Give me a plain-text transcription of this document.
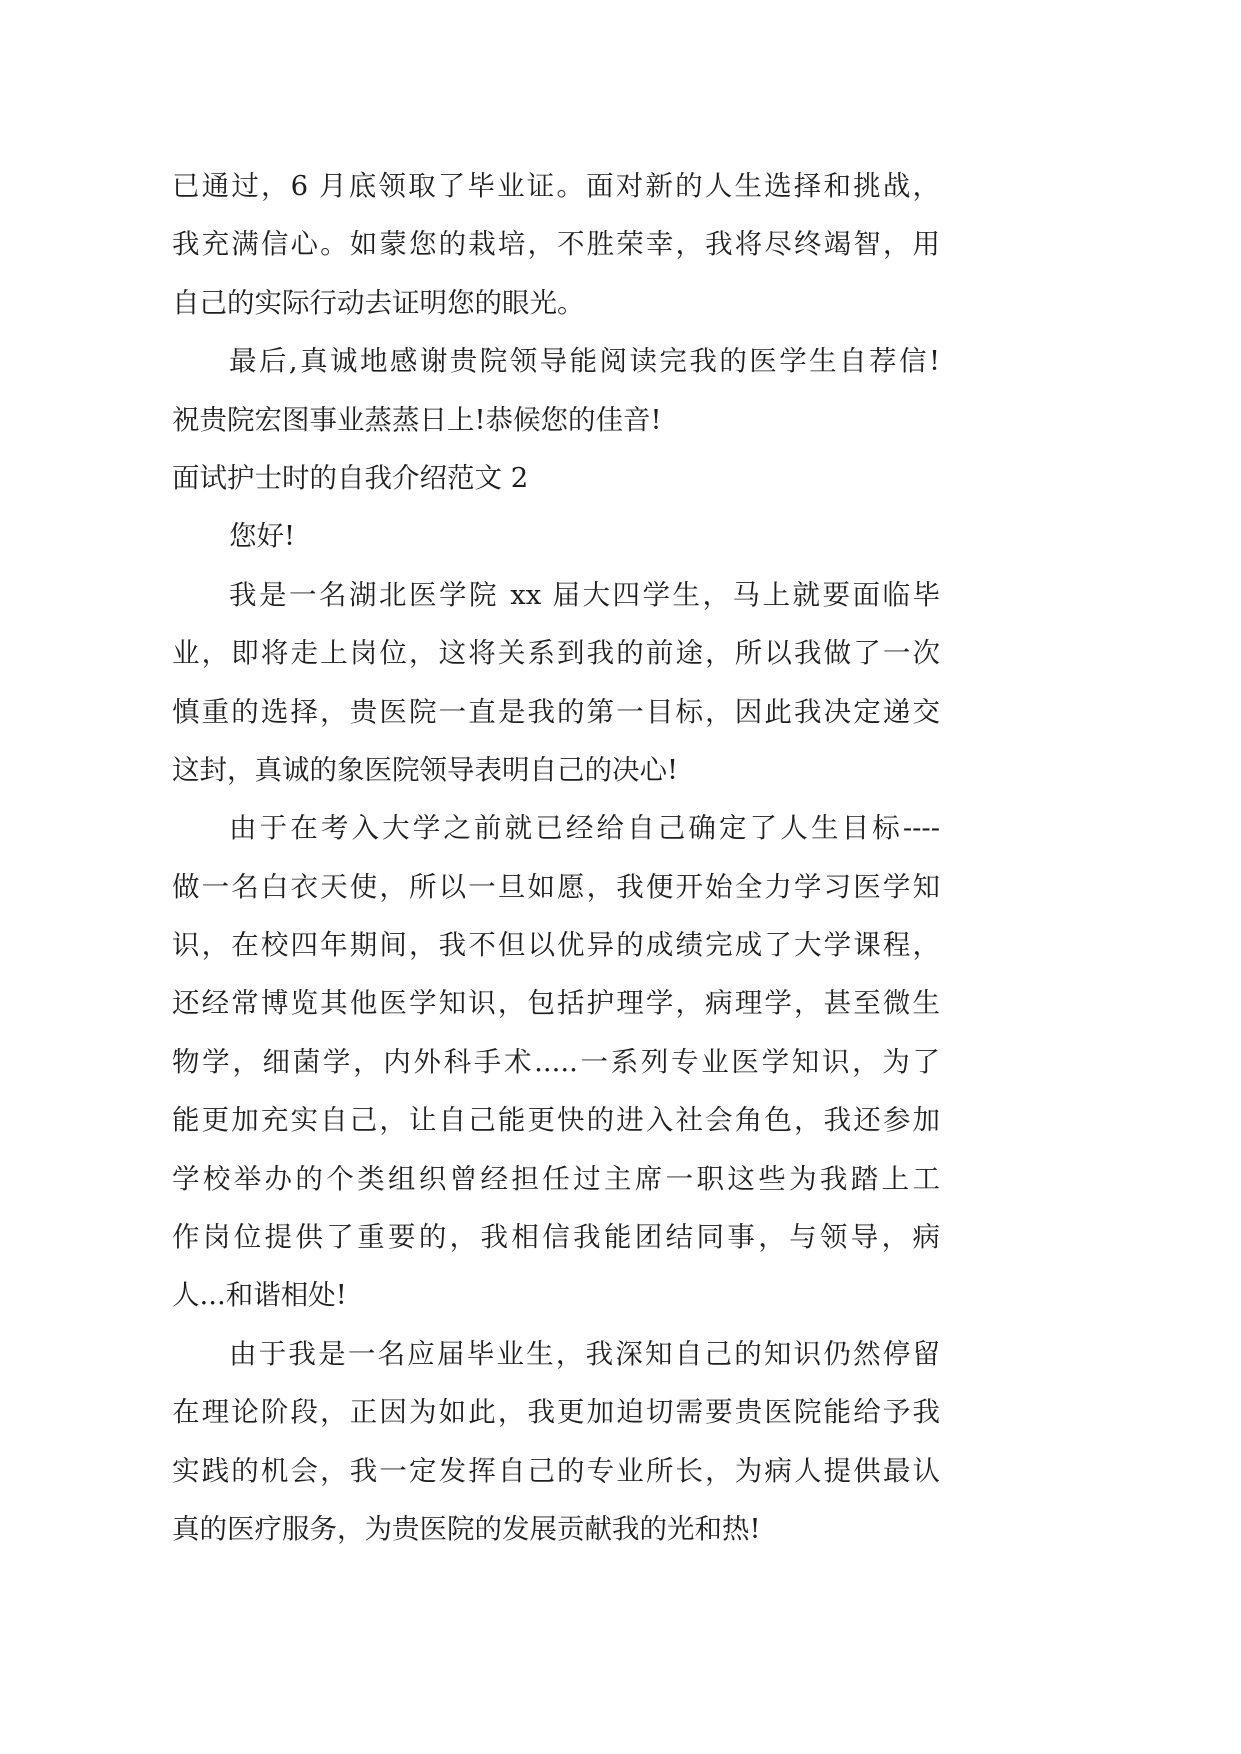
已通过，6 月底领取了毕业证。面对新的人生选择和挑战，
我充满信心。如蒙您的栽培，不胜荣幸，我将尽终竭智，用
自己的实际行动去证明您的眼光。
最后,真诚地感谢贵院领导能阅读完我的医学生自荐信!
祝贵院宏图事业蒸蒸日上!恭候您的佳音!
面试护士时的自我介绍范文 2
您好!
我是一名湖北医学院 xx 届大四学生，马上就要面临毕
业，即将走上岗位，这将关系到我的前途，所以我做了一次
慎重的选择，贵医院一直是我的第一目标，因此我决定递交
这封，真诚的象医院领导表明自己的决心!
由于在考入大学之前就已经给自己确定了人生目标----
做一名白衣天使，所以一旦如愿，我便开始全力学习医学知
识，在校四年期间，我不但以优异的成绩完成了大学课程，
还经常博览其他医学知识，包括护理学，病理学，甚至微生
物学，细菌学，内外科手术.....一系列专业医学知识，为了
能更加充实自己，让自己能更快的进入社会角色，我还参加
学校举办的个类组织曾经担任过主席一职这些为我踏上工
作岗位提供了重要的，我相信我能团结同事，与领导，病
人...和谐相处!
由于我是一名应届毕业生，我深知自己的知识仍然停留
在理论阶段，正因为如此，我更加迫切需要贵医院能给予我
实践的机会，我一定发挥自己的专业所长，为病人提供最认
真的医疗服务，为贵医院的发展贡献我的光和热!
